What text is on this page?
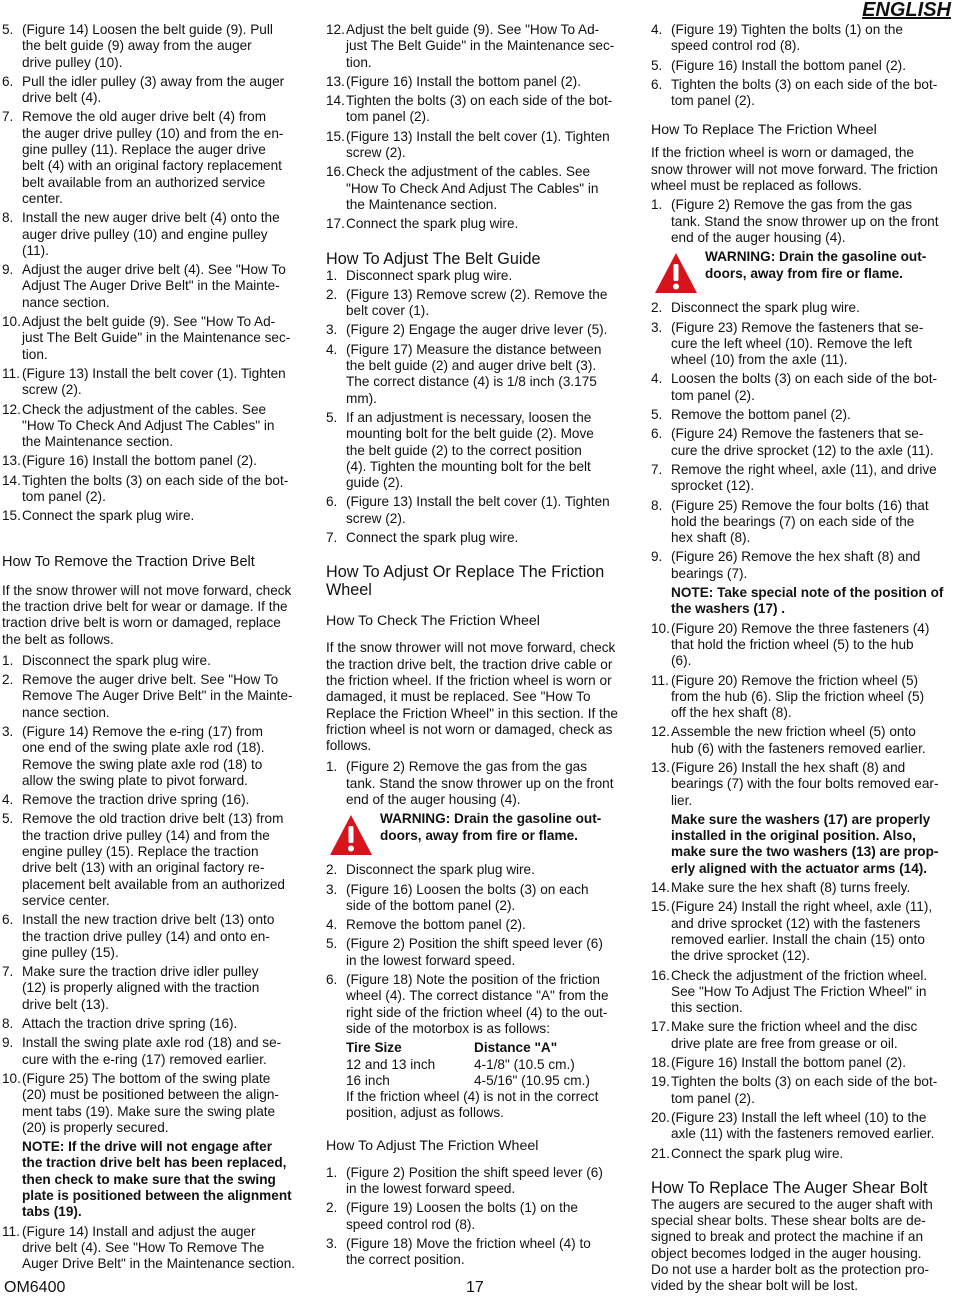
ENGLISH
5. (Figure 14) Loosen the belt guide (9). Pull
the belt guide (9) away from the auger
drive pulley (10).
6. Pull the idler pulley (3) away from the auger
drive belt (4).
7. Remove the old auger drive belt (4) from
the auger drive pulley (10) and from the en-
gine pulley (11). Replace the auger drive
belt (4) with an original factory replacement
belt available from an authorized service
center.
8. Install the new auger drive belt (4) onto the
auger drive pulley (10) and engine pulley
(11).
9. Adjust the auger drive belt (4). See "How To
Adjust The Auger Drive Belt" in the Mainte-
nance section.
10. Adjust the belt guide (9). See "How To Ad-
just The Belt Guide" in the Maintenance sec-
tion.
11. (Figure 13) Install the belt cover (1). Tighten
screw (2).
12. Check the adjustment of the cables. See
"How To Check And Adjust The Cables" in
the Maintenance section.
13. (Figure 16) Install the bottom panel (2).
14. Tighten the bolts (3) on each side of the bot-
tom panel (2).
15. Connect the spark plug wire.
How To Remove the Traction Drive Belt

If the snow thrower will not move forward, check
the traction drive belt for wear or damage. If the
traction drive belt is worn or damaged, replace
the belt as follows.

1. Disconnect the spark plug wire.
2. Remove the auger drive belt. See "How To
Remove The Auger Drive Belt" in the Mainte-
nance section.
3. (Figure 14) Remove the e-ring (17) from
one end of the swing plate axle rod (18).
Remove the swing plate axle rod (18) to
allow the swing plate to pivot forward.
4. Remove the traction drive spring (16).
5. Remove the old traction drive belt (13) from
the traction drive pulley (14) and from the
engine pulley (15). Replace the traction
drive belt (13) with an original factory re-
placement belt available from an authorized
service center.
6. Install the new traction drive belt (13) onto
the traction drive pulley (14) and onto en-
gine pulley (15).
7. Make sure the traction drive idler pulley
(12) is properly aligned with the traction
drive belt (13).
8. Attach the traction drive spring (16).
9. Install the swing plate axle rod (18) and se-
cure with the e-ring (17) removed earlier.
10. (Figure 25) The bottom of the swing plate
(20) must be positioned between the align-
ment tabs (19). Make sure the swing plate
(20) is properly secured.
NOTE: If the drive will not engage after
the traction drive belt has been replaced,
then check to make sure that the swing
plate is positioned between the alignment
tabs (19).
11. (Figure 14) Install and adjust the auger
drive belt (4). See "How To Remove The
Auger Drive Belt" in the Maintenance section.
12. Adjust the belt guide (9). See "How To Ad-
just The Belt Guide" in the Maintenance sec-
tion.
13. (Figure 16) Install the bottom panel (2).
14. Tighten the bolts (3) on each side of the bot-
tom panel (2).
15. (Figure 13) Install the belt cover (1). Tighten
screw (2).
16. Check the adjustment of the cables. See
"How To Check And Adjust The Cables" in
the Maintenance section.
17. Connect the spark plug wire.
How To Adjust The Belt Guide
1. Disconnect spark plug wire.
2. (Figure 13) Remove screw (2). Remove the
belt cover (1).
3. (Figure 2) Engage the auger drive lever (5).
4. (Figure 17) Measure the distance between
the belt guide (2) and auger drive belt (3).
The correct distance (4) is 1/8 inch (3.175
mm).
5. If an adjustment is necessary, loosen the
mounting bolt for the belt guide (2). Move
the belt guide (2) to the correct position
(4). Tighten the mounting bolt for the belt
guide (2).
6. (Figure 13) Install the belt cover (1). Tighten
screw (2).
7. Connect the spark plug wire.
How To Adjust Or Replace The Friction
Wheel
How To Check The Friction Wheel

If the snow thrower will not move forward, check
the traction drive belt, the traction drive cable or
the friction wheel. If the friction wheel is worn or
damaged, it must be replaced. See "How To
Replace the Friction Wheel" in this section. If the
friction wheel is not worn or damaged, check as
follows.

1. (Figure 2) Remove the gas from the gas
tank. Stand the snow thrower up on the front
end of the auger housing (4).
WARNING: Drain the gasoline out-
doors, away from fire or flame.
2. Disconnect the spark plug wire.
3. (Figure 16) Loosen the bolts (3) on each
side of the bottom panel (2).
4. Remove the bottom panel (2).
5. (Figure 2) Position the shift speed lever (6)
in the lowest forward speed.
6. (Figure 18) Note the position of the friction
wheel (4). The correct distance "A" from the
right side of the friction wheel (4) to the out-
side of the motorbox is as follows:
Tire Size	Distance "A"
12 and 13 inch	4-1/8" (10.5 cm.)
16 inch	4-5/16" (10.95 cm.)

If the friction wheel (4) is not in the correct
position, adjust as follows.

How To Adjust The Friction Wheel
1. (Figure 2) Position the shift speed lever (6)
in the lowest forward speed.
2. (Figure 19) Loosen the bolts (1) on the
speed control rod (8).
3. (Figure 18) Move the friction wheel (4) to
the correct position.
4. (Figure 19) Tighten the bolts (1) on the
speed control rod (8).
5. (Figure 16) Install the bottom panel (2).
6. Tighten the bolts (3) on each side of the bot-
tom panel (2).
How To Replace The Friction Wheel

If the friction wheel is worn or damaged, the
snow thrower will not move forward. The friction
wheel must be replaced as follows.

1. (Figure 2) Remove the gas from the gas
tank. Stand the snow thrower up on the front
end of the auger housing (4).
WARNING: Drain the gasoline out-
doors, away from fire or flame.
2. Disconnect the spark plug wire.
3. (Figure 23) Remove the fasteners that se-
cure the left wheel (10). Remove the left
wheel (10) from the axle (11).
4. Loosen the bolts (3) on each side of the bot-
tom panel (2).
5. Remove the bottom panel (2).
6. (Figure 24) Remove the fasteners that se-
cure the drive sprocket (12) to the axle (11).
7. Remove the right wheel, axle (11), and drive
sprocket (12).
8. (Figure 25) Remove the four bolts (16) that
hold the bearings (7) on each side of the
hex shaft (8).
9. (Figure 26) Remove the hex shaft (8) and
bearings (7).
NOTE: Take special note of the position of
the washers (17) .
10. (Figure 20) Remove the three fasteners (4)
that hold the friction wheel (5) to the hub
(6).
11. (Figure 20) Remove the friction wheel (5)
from the hub (6). Slip the friction wheel (5)
off the hex shaft (8).
12. Assemble the new friction wheel (5) onto
hub (6) with the fasteners removed earlier.
13. (Figure 26) Install the hex shaft (8) and
bearings (7) with the four bolts removed ear-
lier.
Make sure the washers (17) are properly
installed in the original position. Also,
make sure the two washers (13) are prop-
erly aligned with the actuator arms (14).
14. Make sure the hex shaft (8) turns freely.
15. (Figure 24) Install the right wheel, axle (11),
and drive sprocket (12) with the fasteners
removed earlier. Install the chain (15) onto
the drive sprocket (12).
16. Check the adjustment of the friction wheel.
See "How To Adjust The Friction Wheel" in
this section.
17. Make sure the friction wheel and the disc
drive plate are free from grease or oil.
18. (Figure 16) Install the bottom panel (2).
19. Tighten the bolts (3) on each side of the bot-
tom panel (2).
20. (Figure 23) Install the left wheel (10) to the
axle (11) with the fasteners removed earlier.
21. Connect the spark plug wire.
How To Replace The Auger Shear Bolt

The augers are secured to the auger shaft with
special shear bolts. These shear bolts are de-
signed to break and protect the machine if an
object becomes lodged in the auger housing.
Do not use a harder bolt as the protection pro-
vided by the shear bolt will be lost.

OM6400	17
